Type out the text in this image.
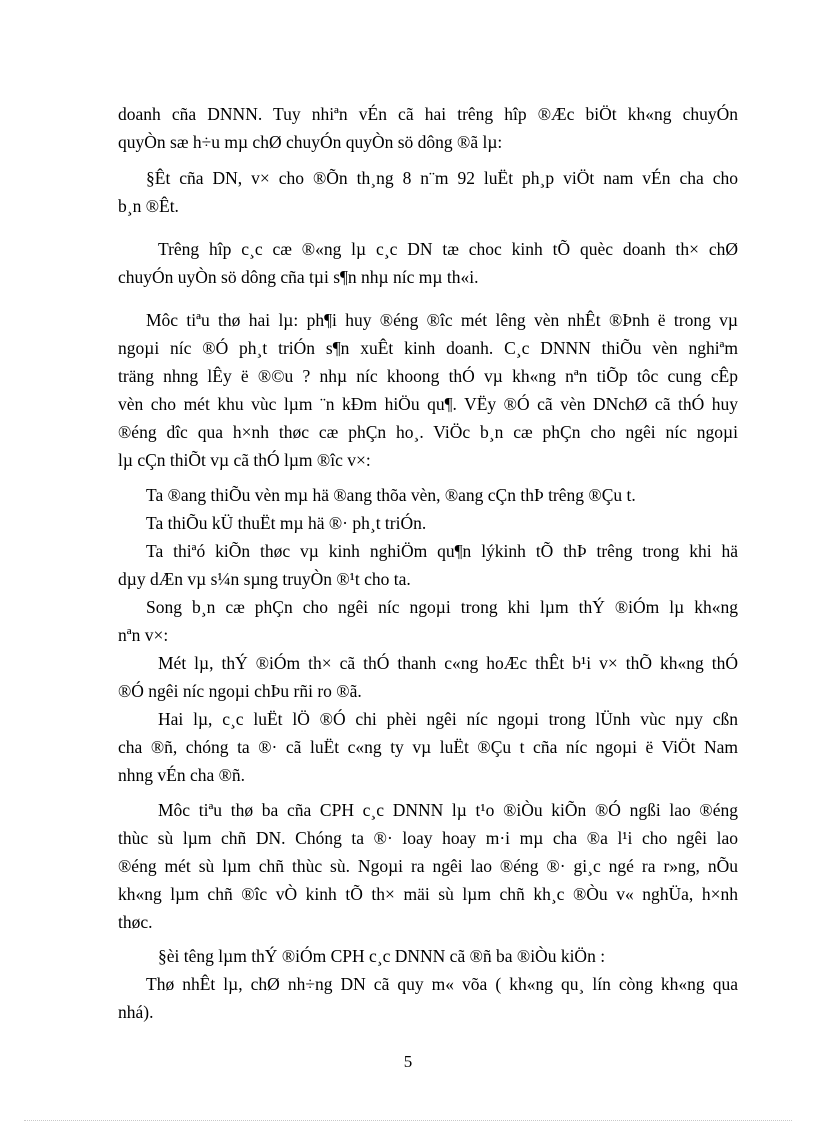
doanh cña DNNN. Tuy nhiªn vÉn cã hai trêng hîp ®Æc biÖt kh«ng chuyÓn
quyÒn sæ h÷u mµ chØ chuyÓn quyÒn sö dông ®ã lµ:
§Êt cña DN, v× cho ®Õn th¸ng 8 n¨m 92 luËt ph¸p viÖt nam vÉn cha cho
b¸n ®Êt.
Trêng hîp c¸c cæ ®«ng lµ c¸c DN tæ choc kinh tÕ quèc doanh th× chØ
chuyÓn uyÒn sö dông cña tµi s¶n nhµ níc mµ th«i.
Môc tiªu thø hai lµ: ph¶i huy ®éng ®îc mét lêng vèn nhÊt ®Þnh ë trong vµ
ngoµi níc ®Ó ph¸t triÓn s¶n xuÊt kinh doanh. C¸c DNNN thiÕu vèn nghiªm
träng nhng lÊy ë ®©u ? nhµ níc khoong thÓ vµ kh«ng nªn tiÕp tôc cung cÊp
vèn cho mét khu vùc lµm ¨n kÐm hiÖu qu¶. VËy ®Ó cã vèn DNchØ cã thÓ huy
®éng dîc qua h×nh thøc cæ phÇn ho¸. ViÖc b¸n cæ phÇn cho ngêi níc ngoµi
lµ cÇn thiÕt vµ cã thÓ lµm ®îc v×:
Ta ®ang thiÕu vèn mµ hä ®ang thõa vèn, ®ang cÇn thÞ trêng ®Çu t.
Ta thiÕu kÜ thuËt mµ hä ®· ph¸t triÓn.
Ta thiªó kiÕn thøc vµ kinh nghiÖm qu¶n lýkinh tÕ thÞ trêng trong khi hä
dµy dÆn vµ s¼n sµng truyÒn ®¹t cho ta.
Song b¸n cæ phÇn cho ngêi níc ngoµi trong khi lµm thÝ ®iÓm lµ kh«ng
nªn v×:
Mét lµ, thÝ ®iÓm th× cã thÓ thanh c«ng hoÆc thÊt b¹i v× thÕ kh«ng thÓ
®Ó ngêi níc ngoµi chÞu rñi ro ®ã.
Hai lµ, c¸c luËt lÖ ®Ó chi phèi ngêi níc ngoµi trong lÜnh vùc nµy cßn
cha ®ñ, chóng ta ®· cã luËt c«ng ty vµ luËt ®Çu t cña níc ngoµi ë ViÖt Nam
nhng vÉn cha ®ñ.
Môc tiªu thø ba cña CPH c¸c DNNN lµ t¹o ®iÒu kiÕn ®Ó ngßi lao ®éng
thùc sù lµm chñ DN. Chóng ta ®· loay hoay m·i mµ cha ®a l¹i cho ngêi lao
®éng mét sù lµm chñ thùc sù. Ngoµi ra ngêi lao ®éng ®· gi¸c ngé ra r»ng, nÕu
kh«ng lµm chñ ®îc vÒ kinh tÕ th× mäi sù lµm chñ kh¸c ®Òu v« nghÜa, h×nh
thøc.
§èi têng lµm thÝ ®iÓm CPH c¸c DNNN cã ®ñ ba ®iÒu kiÖn :
Thø nhÊt lµ, chØ nh÷ng DN cã quy m« võa ( kh«ng qu¸ lín còng kh«ng qua
nhá).
5
